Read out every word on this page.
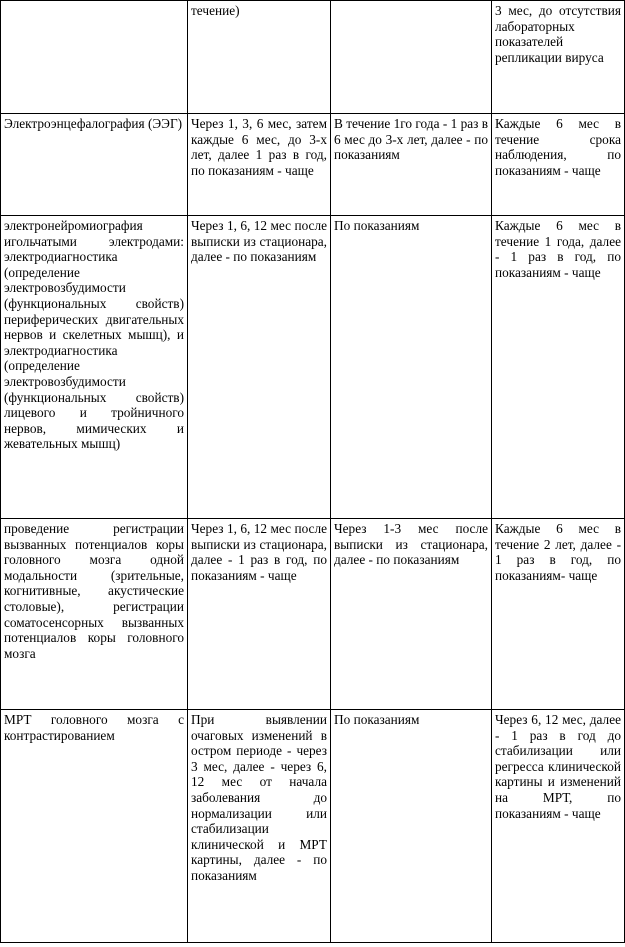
	течение)		3 мес, до отсутствия лабораторных показателей репликации вируса
Электроэнцефалография (ЭЭГ)	Через 1, 3, 6 мес, затем каждые 6 мес, до 3-х лет, далее 1 раз в год, по показаниям - чаще	В течение 1го года - 1 раз в 6 мес до 3-х лет, далее - по показаниям	Каждые 6 мес в течение срока наблюдения, по показаниям - чаще
электронейромиография игольчатыми электродами: электродиагностика (определение электровозбудимости (функциональных свойств) периферических двигательных нервов и скелетных мышц), и электродиагностика (определение электровозбудимости (функциональных свойств) лицевого и тройничного нервов, мимических и жевательных мышц)	Через 1, 6, 12 мес после выписки из стационара, далее - по показаниям	По показаниям	Каждые 6 мес в течение 1 года, далее - 1 раз в год, по показаниям - чаще
проведение регистрации вызванных потенциалов коры головного мозга одной модальности (зрительные, когнитивные, акустические столовые), регистрации соматосенсорных вызванных потенциалов коры головного мозга	Через 1, 6, 12 мес после выписки из стационара, далее - 1 раз в год, по показаниям - чаще	Через 1-3 мес после выписки из стационара, далее - по показаниям	Каждые 6 мес в течение 2 лет, далее - 1 раз в год, по показаниям- чаще
МРТ головного мозга с контрастированием	При выявлении очаговых изменений в остром периоде - через 3 мес, далее - через 6, 12 мес от начала заболевания до нормализации или стабилизации клинической и МРТ картины, далее - по показаниям	По показаниям	Через 6, 12 мес, далее - 1 раз в год до стабилизации или регресса клинической картины и изменений на МРТ, по показаниям - чаще
